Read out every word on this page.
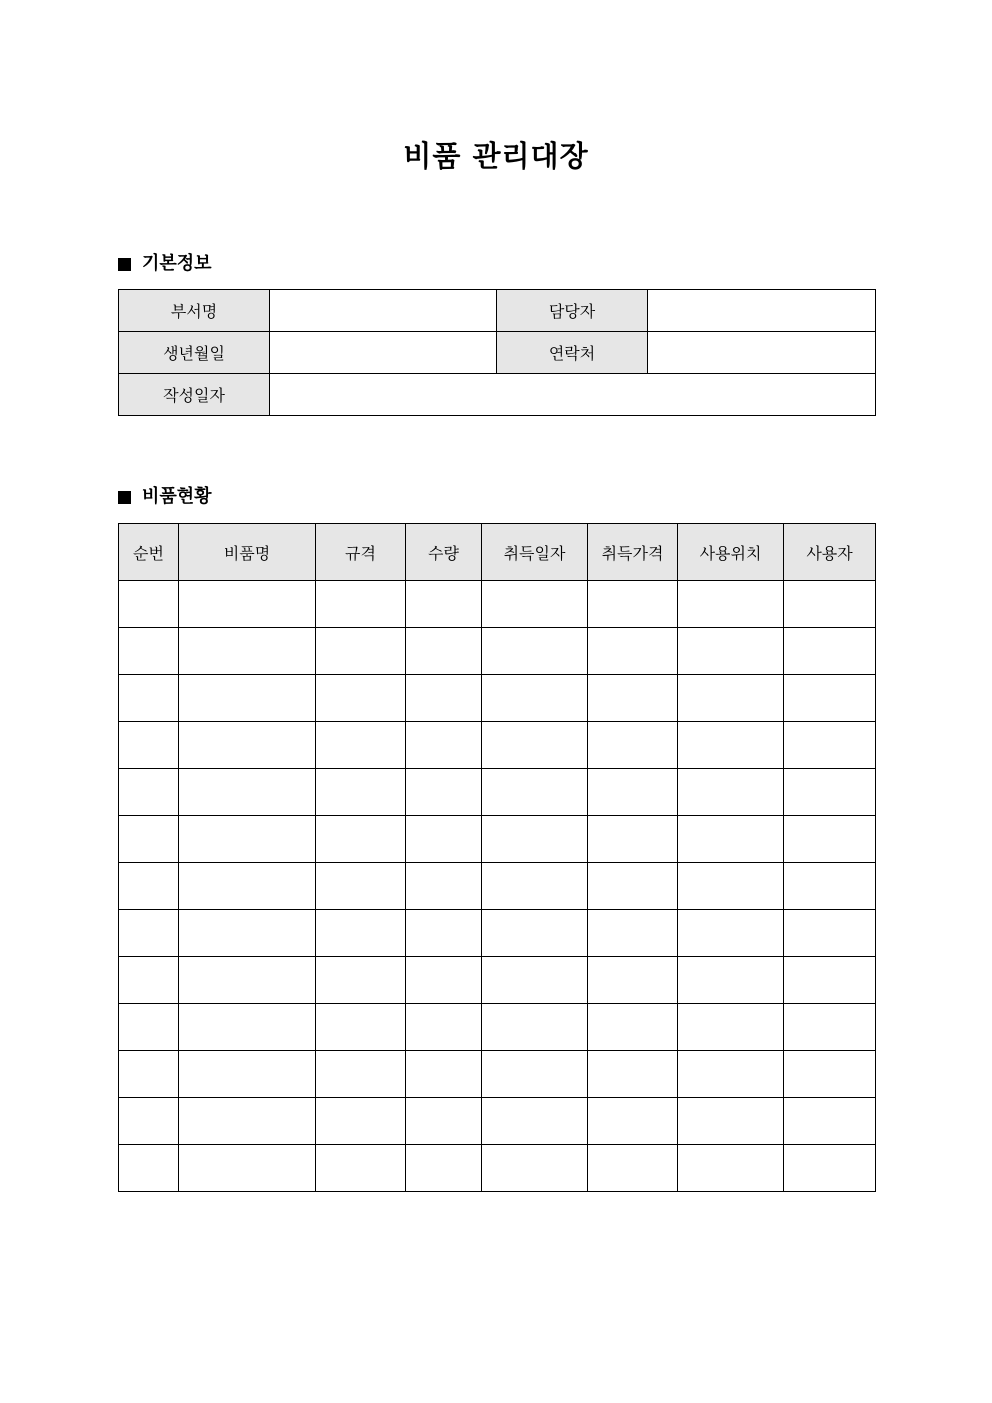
비품 관리대장
기본정보
부서명		담당자	
생년월일		연락처	
작성일자			
비품현황
순번	비품명	규격	수량	취득일자	취득가격	사용위치	사용자
